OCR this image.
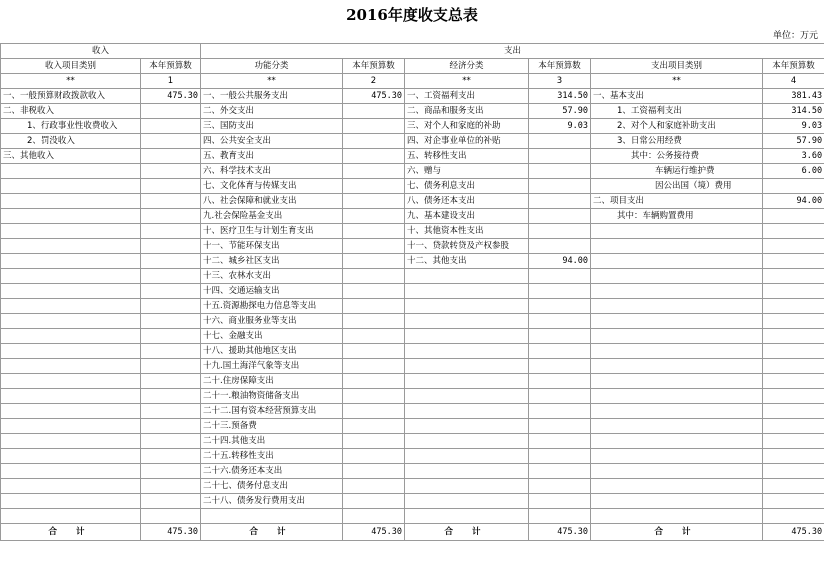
2016年度收支总表
单位：万元
收入		支出					
收入项目类别	本年预算数	功能分类	本年预算数	经济分类	本年预算数	支出项目类别	本年预算数
**	1	**	2	**	3	**	4
一、一般预算财政拨款收入	475.30	一、一般公共服务支出	475.30	一、工资福利支出	314.50	一、基本支出	381.43
二、非税收入		二、外交支出		二、商品和服务支出	57.90	1、工资福利支出	314.50
1、行政事业性收费收入		三、国防支出		三、对个人和家庭的补助	9.03	2、对个人和家庭补助支出	9.03
2、罚没收入		四、公共安全支出		四、对企事业单位的补贴		3、日常公用经费	57.90
三、其他收入		五、教育支出		五、转移性支出		其中：公务接待费	3.60
		六、科学技术支出		六、赠与		车辆运行维护费	6.00
		七、文化体育与传媒支出		七、债务利息支出		因公出国（境）费用	
		八、社会保障和就业支出		八、债务还本支出		二、项目支出	94.00
		九.社会保险基金支出		九、基本建设支出		其中：车辆购置费用	
		十、医疗卫生与计划生育支出		十、其他资本性支出			
		十一、节能环保支出		十一、贷款转贷及产权参股			
		十二、城乡社区支出		十二、其他支出	94.00		
		十三、农林水支出					
		十四、交通运输支出					
		十五.资源勘探电力信息等支出					
		十六、商业服务业等支出					
		十七、金融支出					
		十八、援助其他地区支出					
		十九.国土海洋气象等支出					
		二十.住房保障支出					
		二十一.粮油物资储备支出					
		二十二.国有资本经营预算支出					
		二十三.预备费					
		二十四.其他支出					
		二十五.转移性支出					
		二十六.债务还本支出					
		二十七、债务付息支出					
		二十八、债务发行费用支出					

合 计	475.30	合 计	475.30	合 计	475.30	合 计	475.30
